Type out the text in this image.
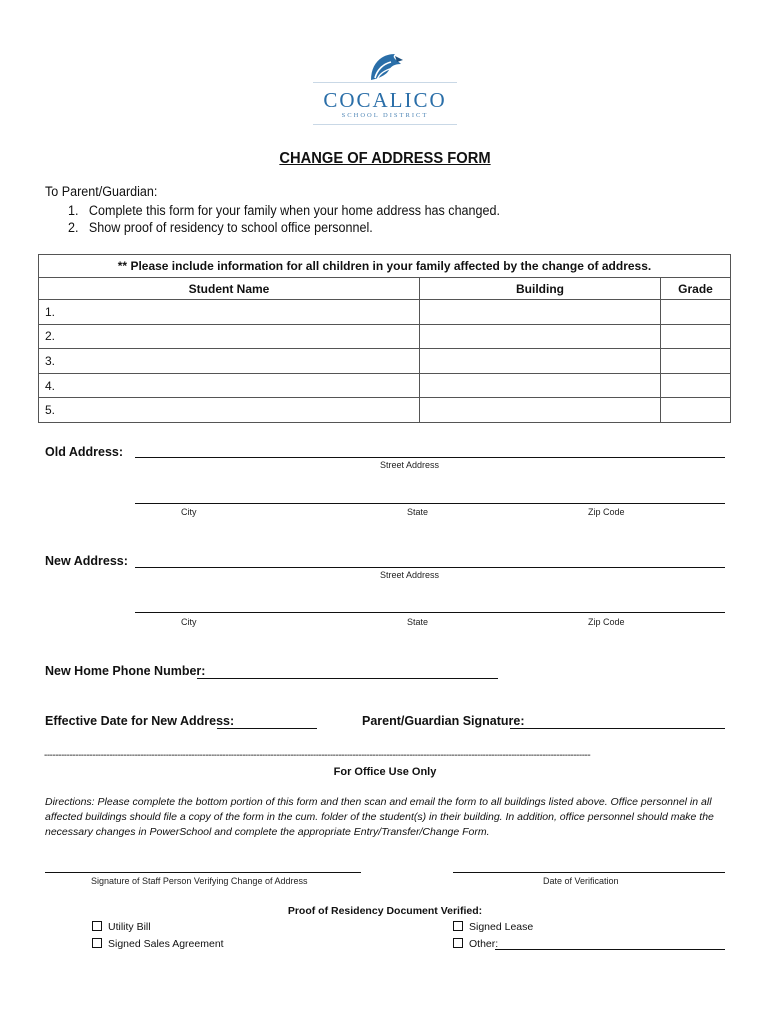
COCALICO
SCHOOL DISTRICT
CHANGE OF ADDRESS FORM
To Parent/Guardian:
1.   Complete this form for your family when your home address has changed.
2.   Show proof of residency to school office personnel.
** Please include information for all children in your family affected by the change of address.		
Student Name	Building	Grade
1.		
2.		
3.		
4.		
5.		
Old Address:
Street Address
City	State	Zip Code
New Address:
Street Address
City	State	Zip Code
New Home Phone Number:
Effective Date for New Address:	Parent/Guardian Signature:
-------------------------------------------------------------------------------------------------------------------------------------------------------------------------------------------------
For Office Use Only
Directions: Please complete the bottom portion of this form and then scan and email the form to all buildings listed above. Office personnel in all affected buildings should file a copy of the form in the cum. folder of the student(s) in their building. In addition, office personnel should make the necessary changes in PowerSchool and complete the appropriate Entry/Transfer/Change Form.
Signature of Staff Person Verifying Change of Address	Date of Verification
Proof of Residency Document Verified:
Utility Bill
Signed Sales Agreement
Signed Lease
Other:
